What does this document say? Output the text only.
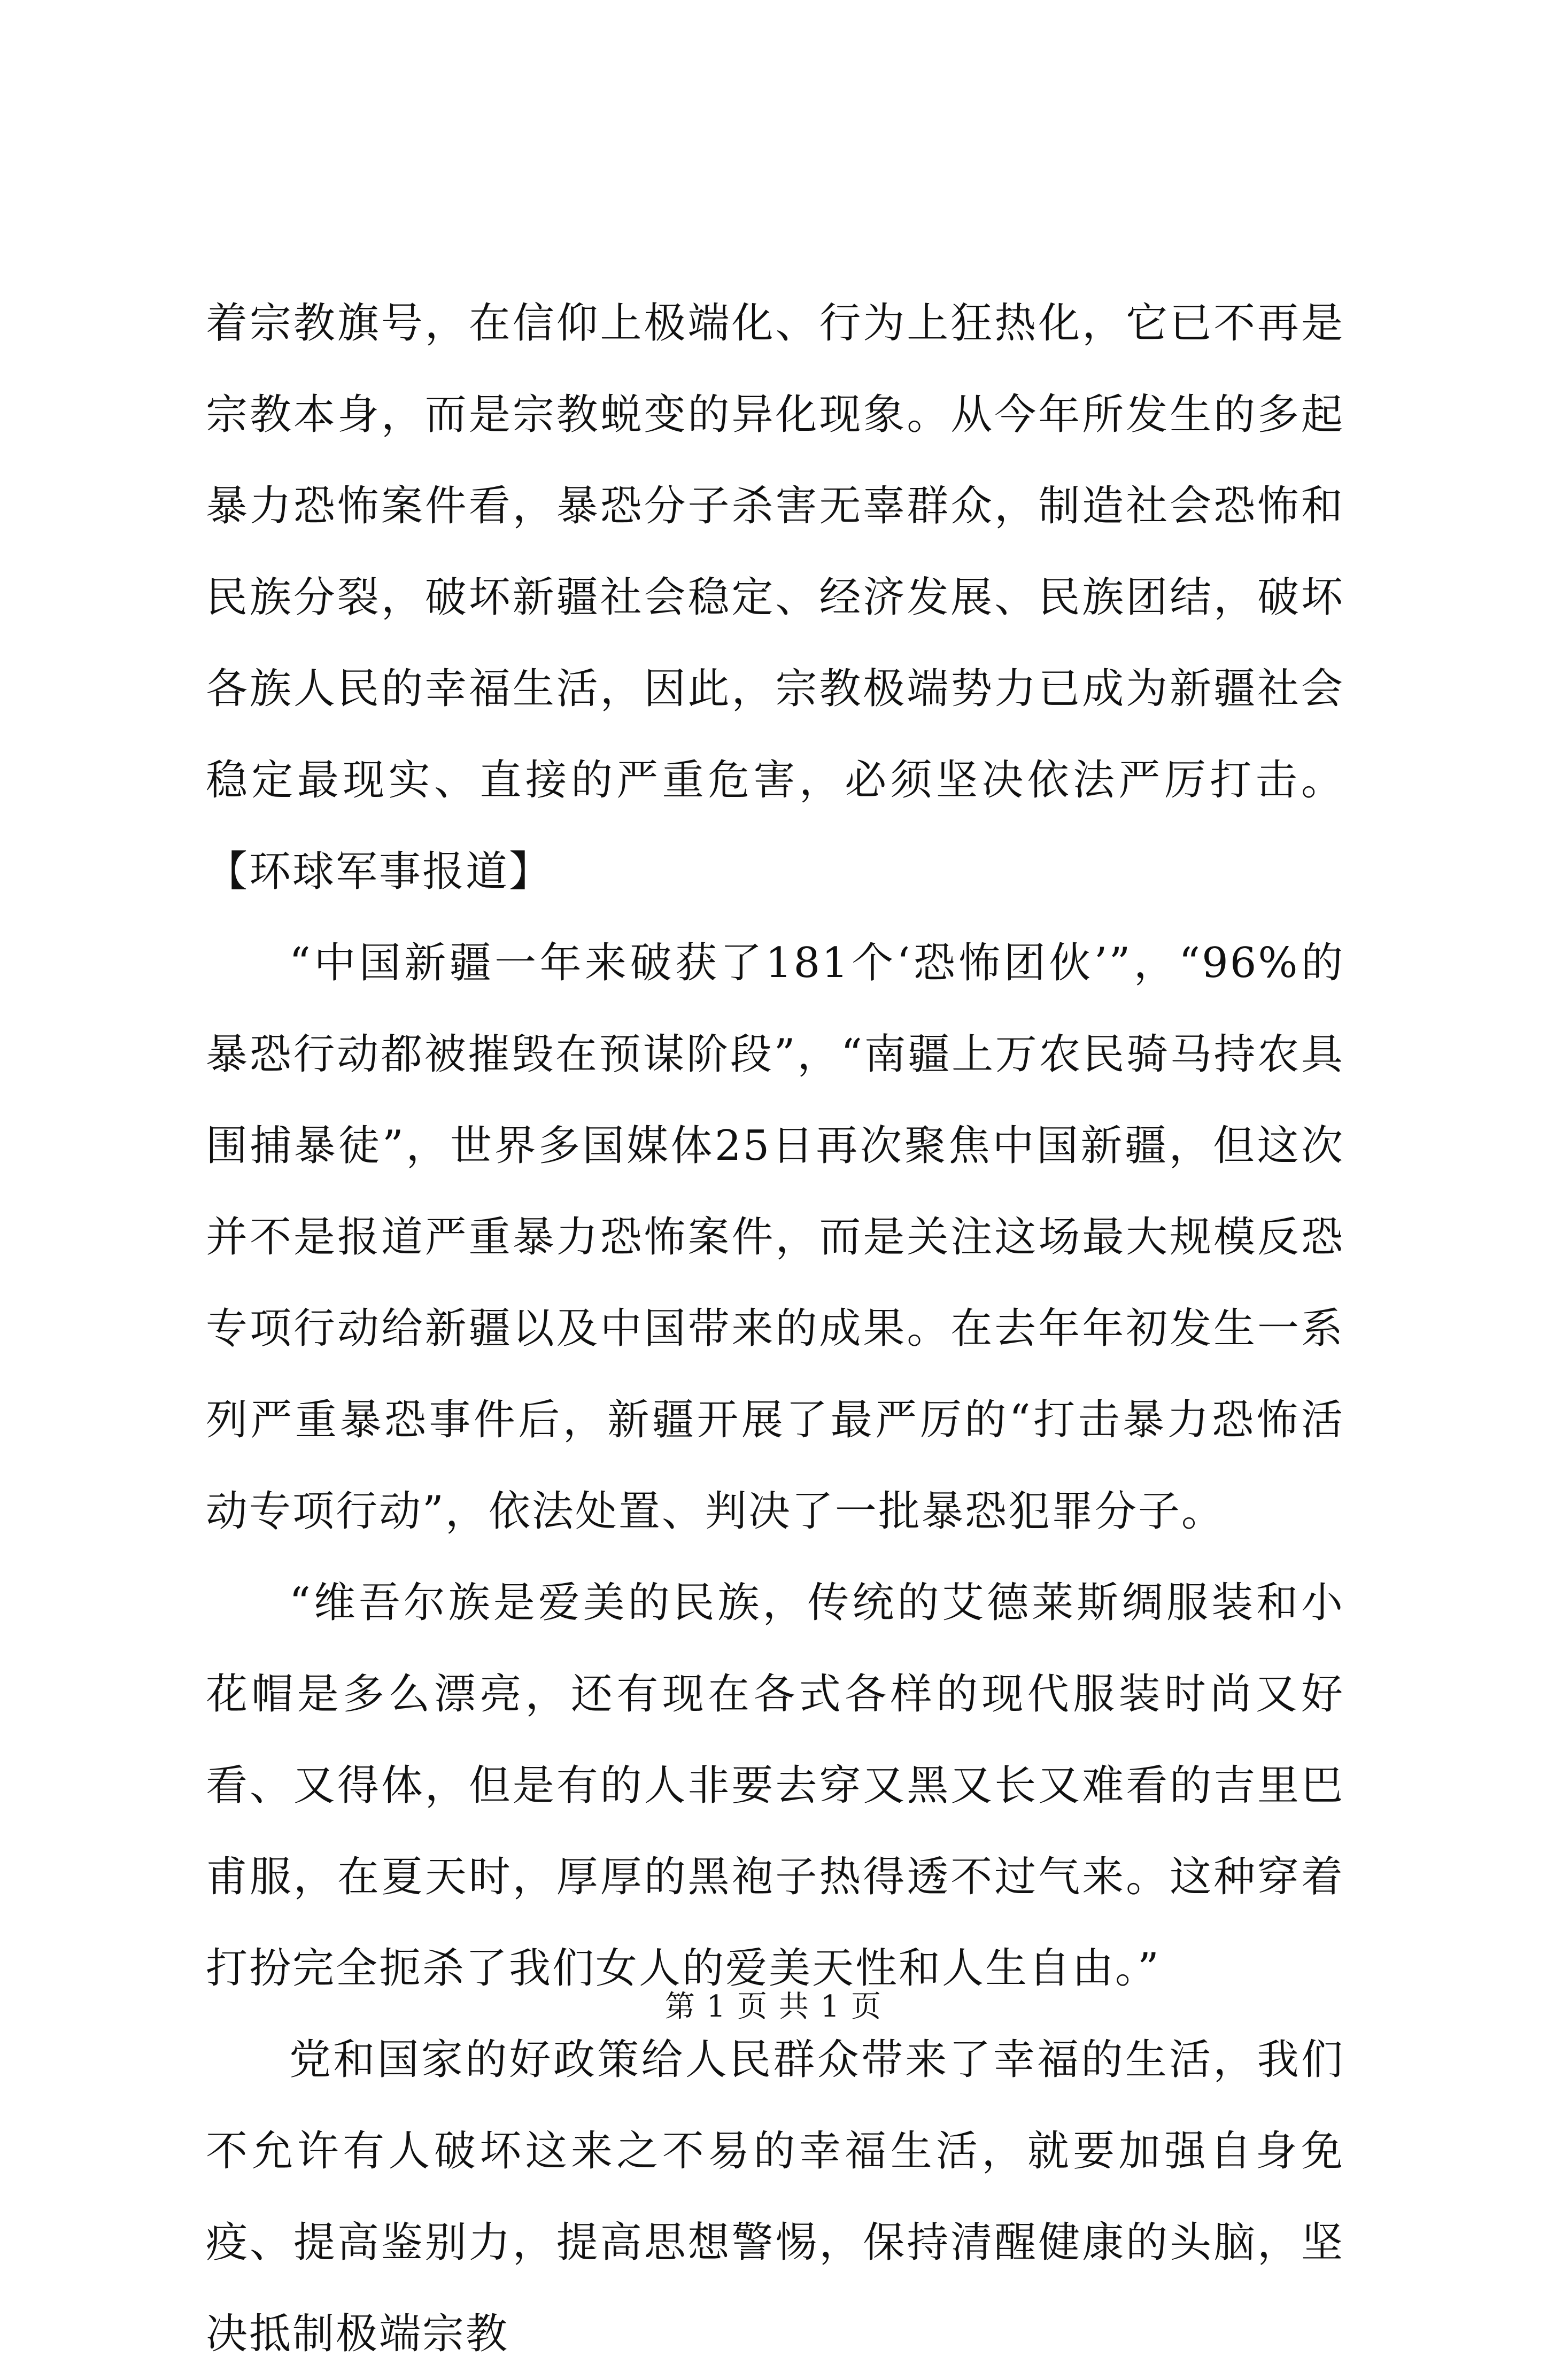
着宗教旗号，在信仰上极端化、行为上狂热化，它已不再是宗教本身，而是宗教蜕变的异化现象。从今年所发生的多起暴力恐怖案件看，暴恐分子杀害无辜群众，制造社会恐怖和民族分裂，破坏新疆社会稳定、经济发展、民族团结，破坏各族人民的幸福生活，因此，宗教极端势力已成为新疆社会稳定最现实、直接的严重危害，必须坚决依法严厉打击。【环球军事报道】

“中国新疆一年来破获了181个‘恐怖团伙’”，“96%的暴恐行动都被摧毁在预谋阶段”，“南疆上万农民骑马持农具围捕暴徒”，世界多国媒体25日再次聚焦中国新疆，但这次并不是报道严重暴力恐怖案件，而是关注这场最大规模反恐专项行动给新疆以及中国带来的成果。在去年年初发生一系列严重暴恐事件后，新疆开展了最严厉的“打击暴力恐怖活动专项行动”，依法处置、判决了一批暴恐犯罪分子。

“维吾尔族是爱美的民族，传统的艾德莱斯绸服装和小花帽是多么漂亮，还有现在各式各样的现代服装时尚又好看、又得体，但是有的人非要去穿又黑又长又难看的吉里巴甫服，在夏天时，厚厚的黑袍子热得透不过气来。这种穿着打扮完全扼杀了我们女人的爱美天性和人生自由。”

党和国家的好政策给人民群众带来了幸福的生活，我们不允许有人破坏这来之不易的幸福生活，就要加强自身免疫、提高鉴别力，提高思想警惕，保持清醒健康的头脑，坚决抵制极端宗教

第 1 页 共 1 页
